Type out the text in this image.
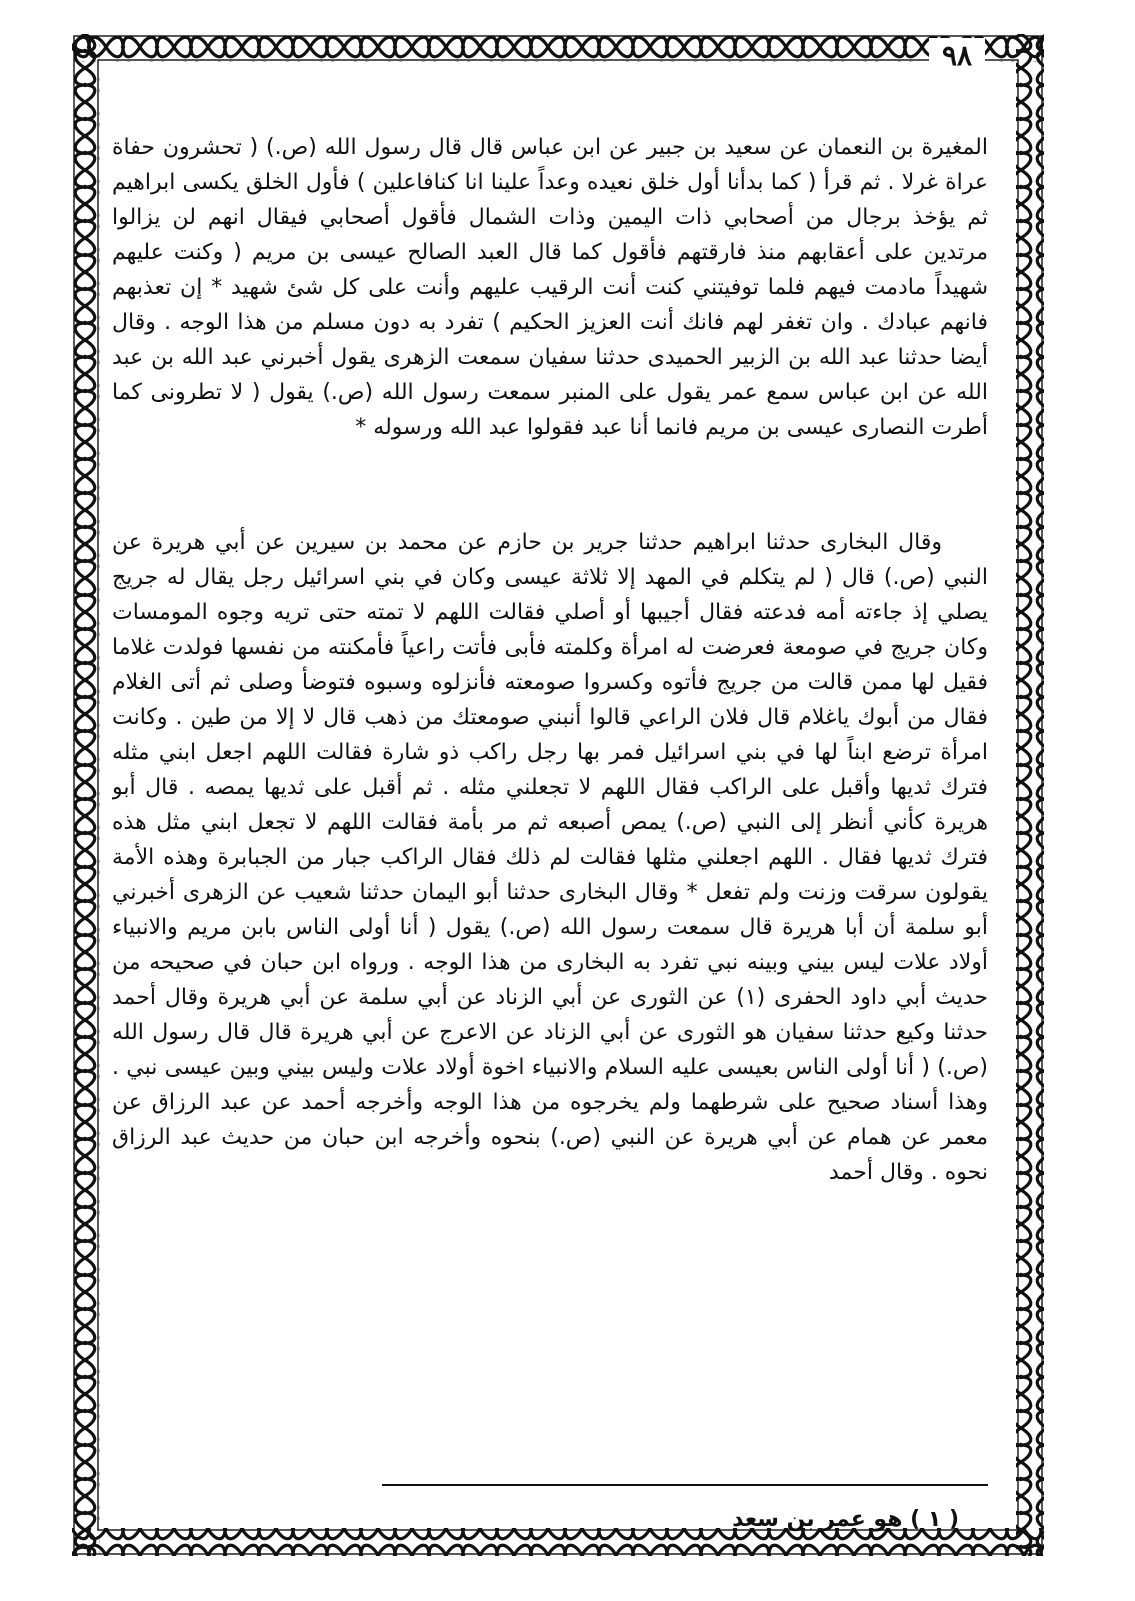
٩٨

المغيرة بن النعمان عن سعيد بن جبير عن ابن عباس قال قال رسول الله (ص.) ( تحشرون حفاة عراة غرلا . ثم قرأ ( كما بدأنا أول خلق نعيده وعداً علينا انا كنافاعلين ) فأول الخلق يكسى ابراهيم ثم يؤخذ برجال من أصحابي ذات اليمين وذات الشمال فأقول أصحابي فيقال انهم لن يزالوا مرتدين على أعقابهم منذ فارقتهم فأقول كما قال العبد الصالح عيسى بن مريم ( وكنت عليهم شهيداً مادمت فيهم فلما توفيتني كنت أنت الرقيب عليهم وأنت على كل شئ شهيد * إن تعذبهم فانهم عبادك . وان تغفر لهم فانك أنت العزيز الحكيم ) تفرد به دون مسلم من هذا الوجه . وقال أيضا حدثنا عبد الله بن الزبير الحميدى حدثنا سفيان سمعت الزهرى يقول أخبرني عبد الله بن عبد الله عن ابن عباس سمع عمر يقول على المنبر سمعت رسول الله (ص.) يقول ( لا تطرونى كما أطرت النصارى عيسى بن مريم فانما أنا عبد فقولوا عبد الله ورسوله *

وقال البخارى حدثنا ابراهيم حدثنا جرير بن حازم عن محمد بن سيرين عن أبي هريرة عن النبي (ص.) قال ( لم يتكلم في المهد إلا ثلاثة عيسى وكان في بني اسرائيل رجل يقال له جريج يصلي إذ جاءته أمه فدعته فقال أجيبها أو أصلي فقالت اللهم لا تمته حتى تريه وجوه المومسات وكان جريج في صومعة فعرضت له امرأة وكلمته فأبى فأتت راعياً فأمكنته من نفسها فولدت غلاما فقيل لها ممن قالت من جريج فأتوه وكسروا صومعته فأنزلوه وسبوه فتوضأ وصلى ثم أتى الغلام فقال من أبوك ياغلام قال فلان الراعي قالوا أنبني صومعتك من ذهب قال لا إلا من طين . وكانت امرأة ترضع ابناً لها في بني اسرائيل فمر بها رجل راكب ذو شارة فقالت اللهم اجعل ابني مثله فترك ثديها وأقبل على الراكب فقال اللهم لا تجعلني مثله . ثم أقبل على ثديها يمصه . قال أبو هريرة كأني أنظر إلى النبي (ص.) يمص أصبعه ثم مر بأمة فقالت اللهم لا تجعل ابني مثل هذه فترك ثديها فقال . اللهم اجعلني مثلها فقالت لم ذلك فقال الراكب جبار من الجبابرة وهذه الأمة يقولون سرقت وزنت ولم تفعل * وقال البخارى حدثنا أبو اليمان حدثنا شعيب عن الزهرى أخبرني أبو سلمة أن أبا هريرة قال سمعت رسول الله (ص.) يقول ( أنا أولى الناس بابن مريم والانبياء أولاد علات ليس بيني وبينه نبي تفرد به البخارى من هذا الوجه . ورواه ابن حبان في صحيحه من حديث أبي داود الحفرى (١) عن الثورى عن أبي الزناد عن أبي سلمة عن أبي هريرة وقال أحمد حدثنا وكيع حدثنا سفيان هو الثورى عن أبي الزناد عن الاعرج عن أبي هريرة قال قال رسول الله (ص.) ( أنا أولى الناس بعيسى عليه السلام والانبياء اخوة أولاد علات وليس بيني وبين عيسى نبي . وهذا أسناد صحيح على شرطهما ولم يخرجوه من هذا الوجه وأخرجه أحمد عن عبد الرزاق عن معمر عن همام عن أبي هريرة عن النبي (ص.) بنحوه وأخرجه ابن حبان من حديث عبد الرزاق نحوه . وقال أحمد

( ١ ) هو عمر بن سعد
